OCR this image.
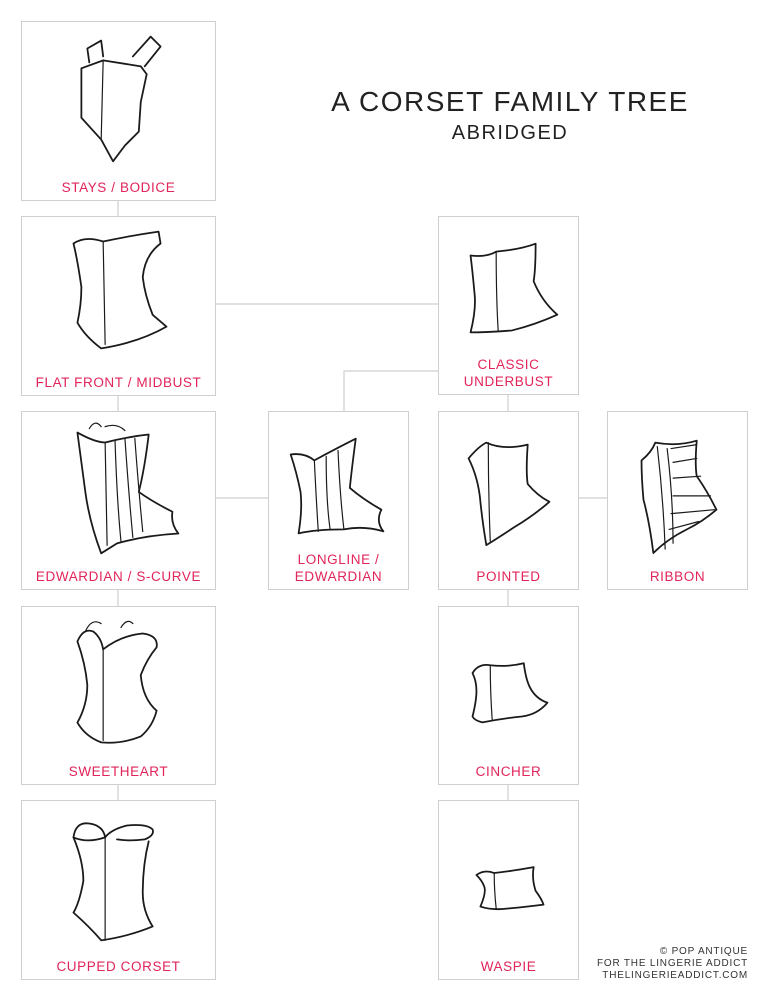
A CORSET FAMILY TREE
ABRIDGED
STAYS / BODICE
FLAT FRONT / MIDBUST
EDWARDIAN / S-CURVE
SWEETHEART
CUPPED CORSET
LONGLINE /
EDWARDIAN
CLASSIC
UNDERBUST
POINTED
CINCHER
WASPIE
RIBBON
© POP ANTIQUE
FOR THE LINGERIE ADDICT
THELINGERIEADDICT.COM
